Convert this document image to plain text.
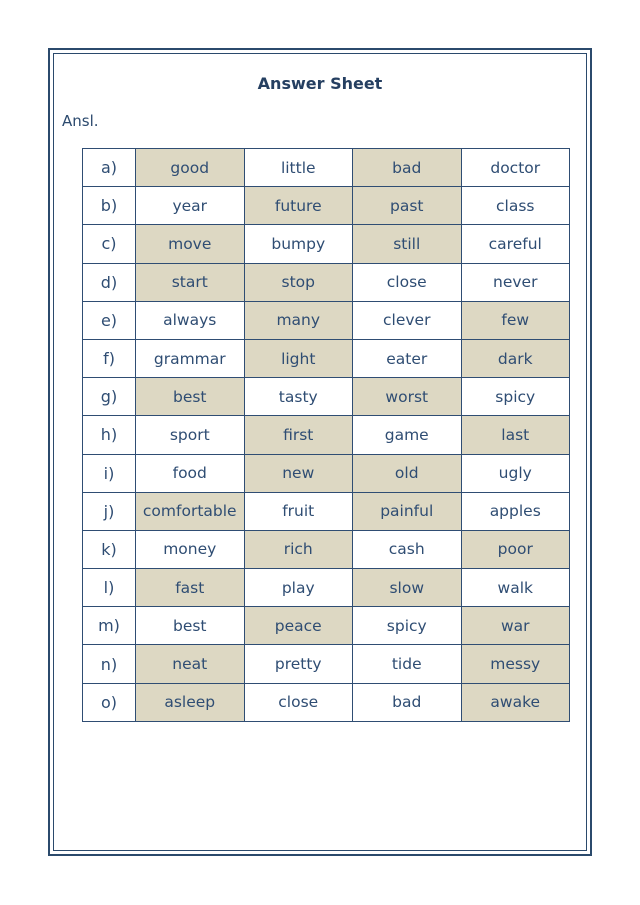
Answer Sheet
Ansl.
a)	good	little	bad	doctor
b)	year	future	past	class
c)	move	bumpy	still	careful
d)	start	stop	close	never
e)	always	many	clever	few
f)	grammar	light	eater	dark
g)	best	tasty	worst	spicy
h)	sport	first	game	last
i)	food	new	old	ugly
j)	comfortable	fruit	painful	apples
k)	money	rich	cash	poor
l)	fast	play	slow	walk
m)	best	peace	spicy	war
n)	neat	pretty	tide	messy
o)	asleep	close	bad	awake
